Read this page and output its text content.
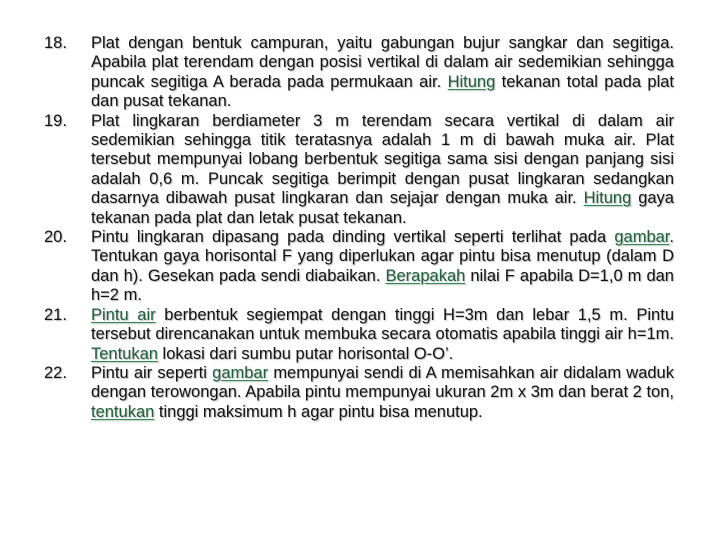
18.	Plat dengan bentuk campuran, yaitu gabungan bujur sangkar dan segitiga. Apabila plat terendam dengan posisi vertikal di dalam air sedemikian sehingga puncak segitiga A berada pada permukaan air. Hitung tekanan total pada plat dan pusat tekanan.
19.	Plat lingkaran berdiameter 3 m terendam secara vertikal di dalam air sedemikian sehingga titik teratasnya adalah 1 m di bawah muka air. Plat tersebut mempunyai lobang berbentuk segitiga sama sisi dengan panjang sisi adalah 0,6 m. Puncak segitiga berimpit dengan pusat lingkaran sedangkan dasarnya dibawah pusat lingkaran dan sejajar dengan muka air. Hitung gaya tekanan pada plat dan letak pusat tekanan.
20.	Pintu lingkaran dipasang pada dinding vertikal seperti terlihat pada gambar. Tentukan gaya horisontal F yang diperlukan agar pintu bisa menutup (dalam D dan h). Gesekan pada sendi diabaikan. Berapakah nilai F apabila D=1,0 m dan h=2 m.
21.	Pintu air berbentuk segiempat dengan tinggi H=3m dan lebar 1,5 m. Pintu tersebut direncanakan untuk membuka secara otomatis apabila tinggi air h=1m. Tentukan lokasi dari sumbu putar horisontal O-O’.
22.	Pintu air seperti gambar mempunyai sendi di A memisahkan air didalam waduk dengan terowongan. Apabila pintu mempunyai ukuran 2m x 3m dan berat 2 ton, tentukan tinggi maksimum h agar pintu bisa menutup.
